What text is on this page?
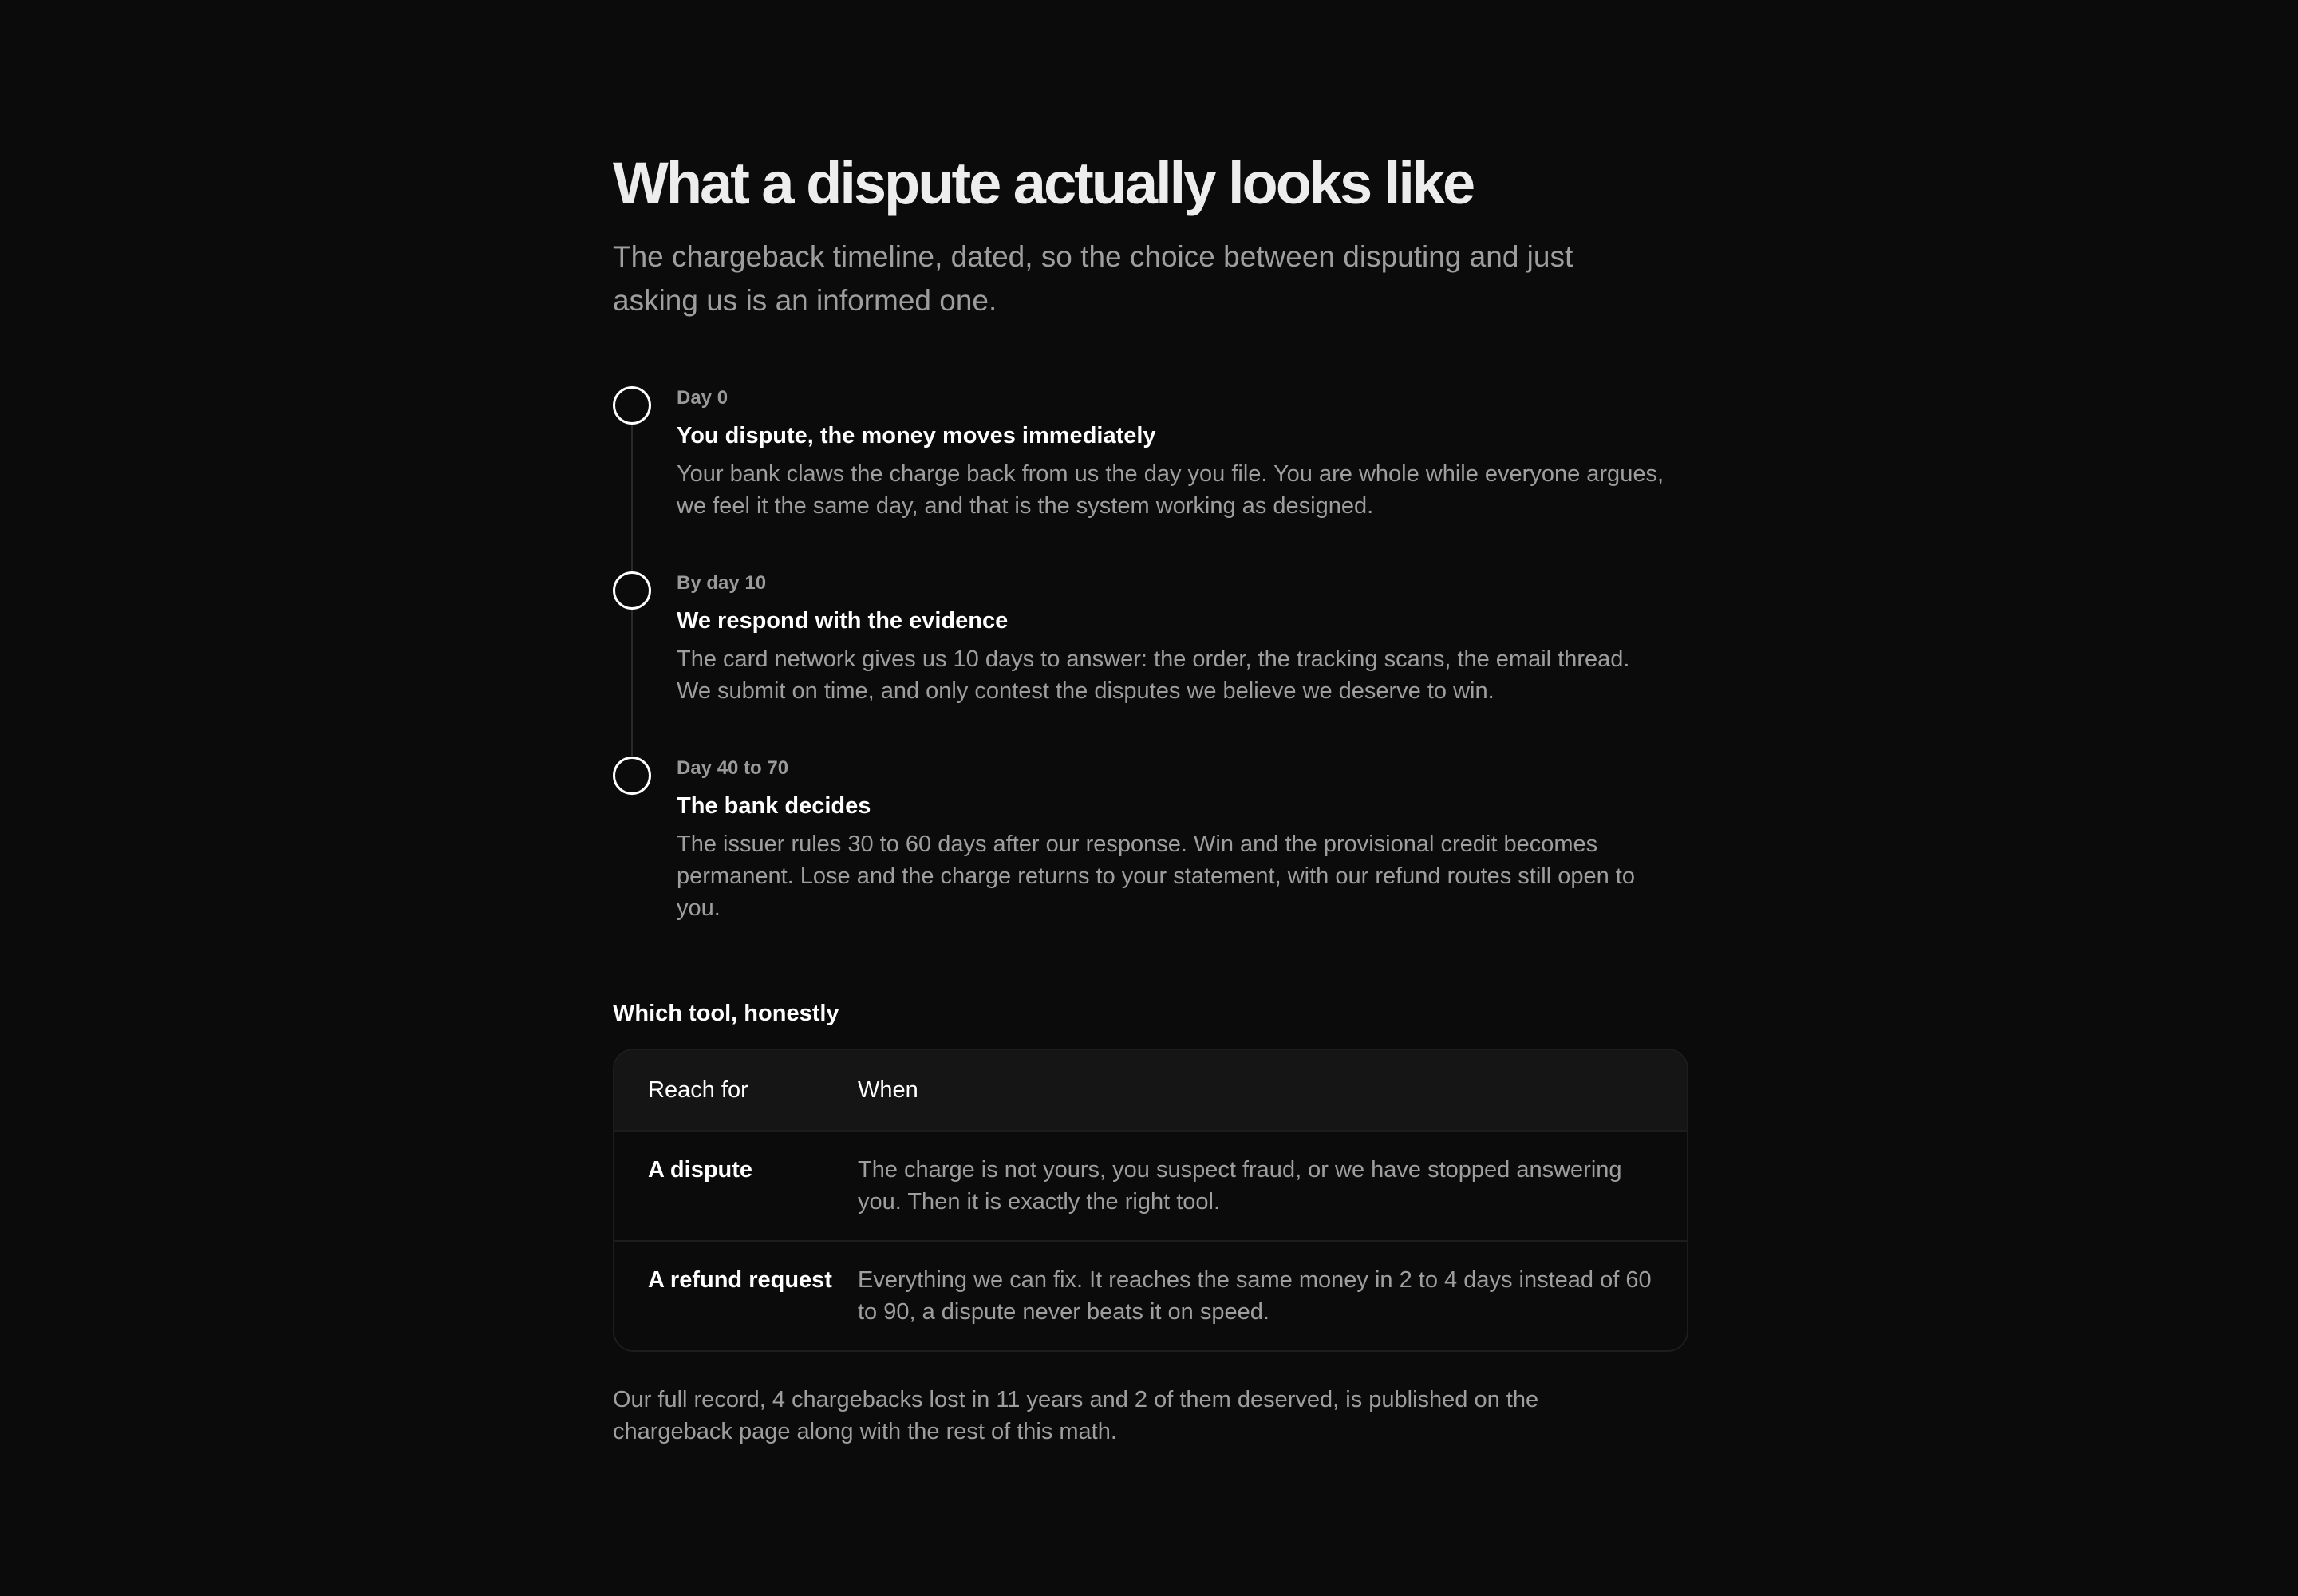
What a dispute actually looks like

The chargeback timeline, dated, so the choice between disputing and just asking us is an informed one.

Day 0
You dispute, the money moves immediately
Your bank claws the charge back from us the day you file. You are whole while everyone argues, we feel it the same day, and that is the system working as designed.
By day 10
We respond with the evidence
The card network gives us 10 days to answer: the order, the tracking scans, the email thread. We submit on time, and only contest the disputes we believe we deserve to win.
Day 40 to 70
The bank decides
The issuer rules 30 to 60 days after our response. Win and the provisional credit becomes permanent. Lose and the charge returns to your statement, with our refund routes still open to you.
Which tool, honestly
Reach for	When
A dispute	The charge is not yours, you suspect fraud, or we have stopped answering you. Then it is exactly the right tool.
A refund request	Everything we can fix. It reaches the same money in 2 to 4 days instead of 60 to 90, a dispute never beats it on speed.

Our full record, 4 chargebacks lost in 11 years and 2 of them deserved, is published on the chargeback page along with the rest of this math.
